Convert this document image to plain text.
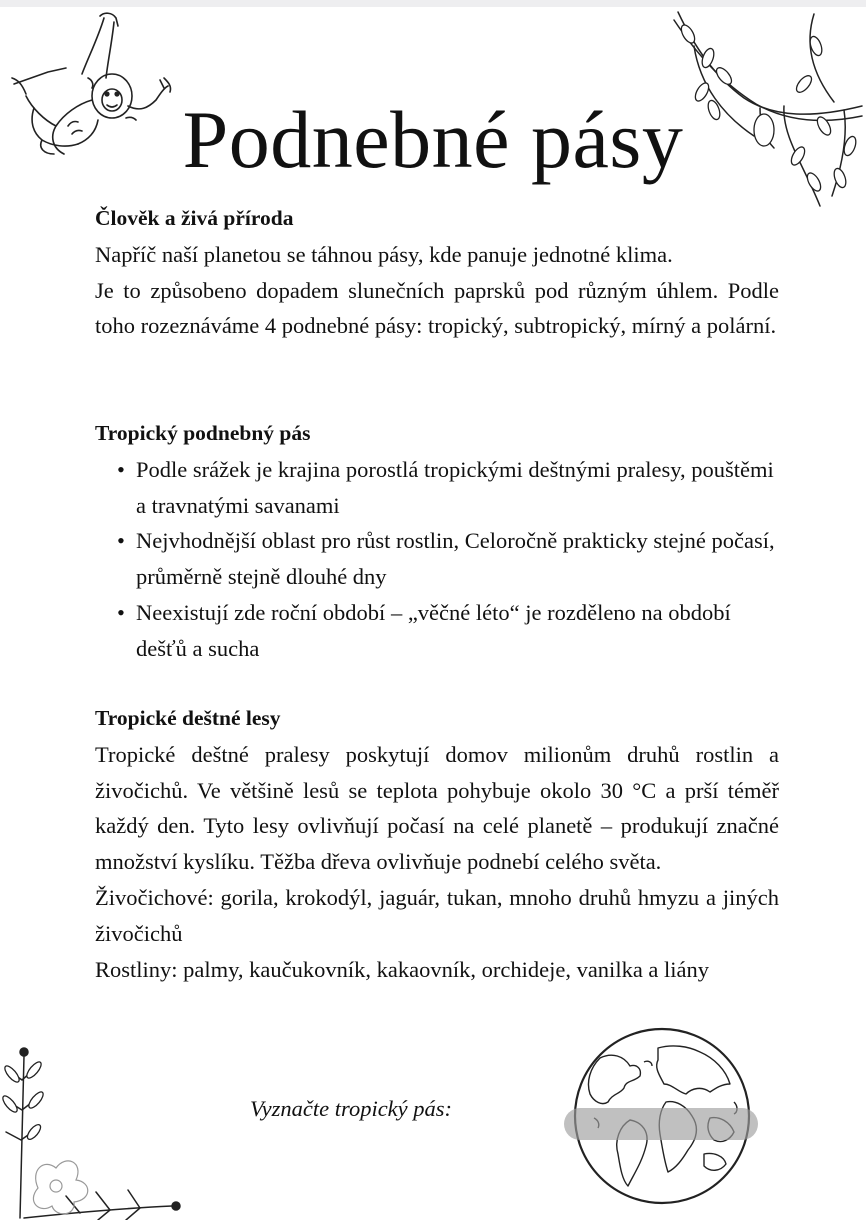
Podnebné pásy

Člověk a živá příroda

Napříč naší planetou se táhnou pásy, kde panuje jednotné klima.

Je to způsobeno dopadem slunečních paprsků pod různým úhlem. Podle toho rozeznáváme 4 podnebné pásy: tropický, subtropický, mírný a polární.

Tropický podnebný pás

• Podle srážek je krajina porostlá tropickými deštnými pralesy, pouštěmi a travnatými savanami
• Nejvhodnější oblast pro růst rostlin, Celoročně prakticky stejné počasí, průměrně stejně dlouhé dny
• Neexistují zde roční období – „věčné léto“ je rozděleno na období dešťů a sucha

Tropické deštné lesy

Tropické deštné pralesy poskytují domov milionům druhů rostlin a živočichů. Ve většině lesů se teplota pohybuje okolo 30 °C a prší téměř každý den. Tyto lesy ovlivňují počasí na celé planetě – produkují značné množství kyslíku. Těžba dřeva ovlivňuje podnebí celého světa.

Živočichové: gorila, krokodýl, jaguár, tukan, mnoho druhů hmyzu a jiných živočichů

Rostliny: palmy, kaučukovník, kakaovník, orchideje, vanilka a liány

Vyznačte tropický pás:
